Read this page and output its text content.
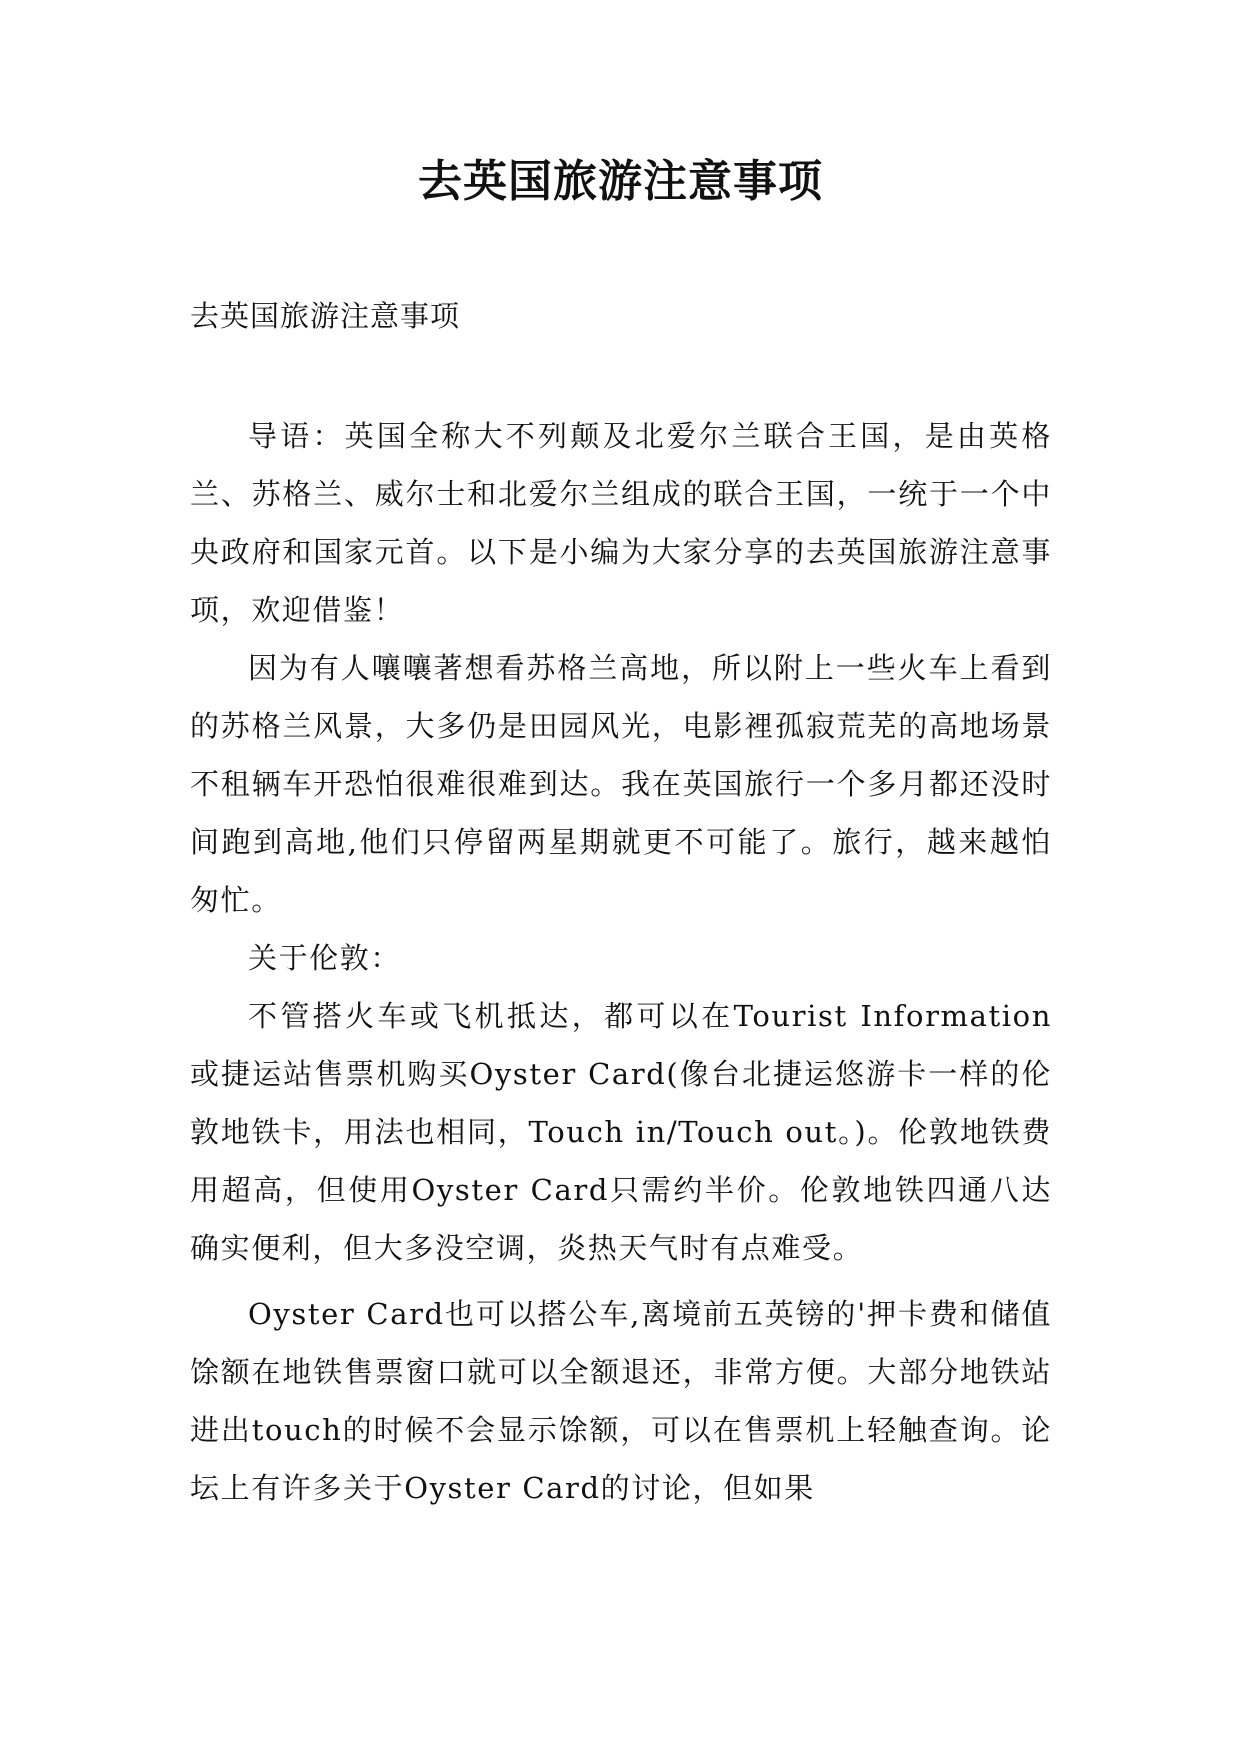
去英国旅游注意事项

去英国旅游注意事项

导语：英国全称大不列颠及北爱尔兰联合王国，是由英格兰、苏格兰、威尔士和北爱尔兰组成的联合王国，一统于一个中央政府和国家元首。以下是小编为大家分享的去英国旅游注意事项，欢迎借鉴！

因为有人嚷嚷著想看苏格兰高地，所以附上一些火车上看到的苏格兰风景，大多仍是田园风光，电影裡孤寂荒芜的高地场景不租辆车开恐怕很难很难到达。我在英国旅行一个多月都还没时间跑到高地,他们只停留两星期就更不可能了。旅行，越来越怕匆忙。

关于伦敦：

不管搭火车或飞机抵达，都可以在Tourist Information或捷运站售票机购买Oyster Card(像台北捷运悠游卡一样的伦敦地铁卡，用法也相同，Touch in/Touch out。)。伦敦地铁费用超高，但使用Oyster Card只需约半价。伦敦地铁四通八达确实便利，但大多没空调，炎热天气时有点难受。

Oyster Card也可以搭公车,离境前五英镑的'押卡费和储值馀额在地铁售票窗口就可以全额退还，非常方便。大部分地铁站进出touch的时候不会显示馀额，可以在售票机上轻触查询。论坛上有许多关于Oyster Card的讨论，但如果
